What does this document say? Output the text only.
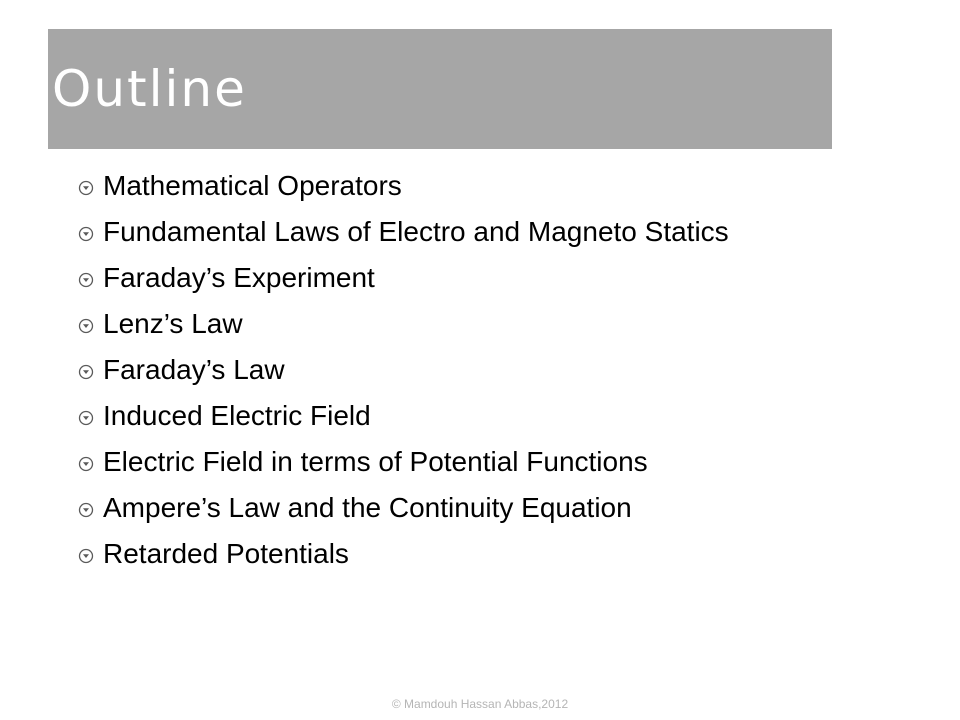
Outline
Mathematical Operators
Fundamental Laws of Electro and Magneto Statics
Faraday’s Experiment
Lenz’s Law
Faraday’s Law
Induced Electric Field
Electric Field in terms of Potential Functions
Ampere’s Law and the Continuity Equation
Retarded Potentials
© Mamdouh Hassan Abbas,2012
